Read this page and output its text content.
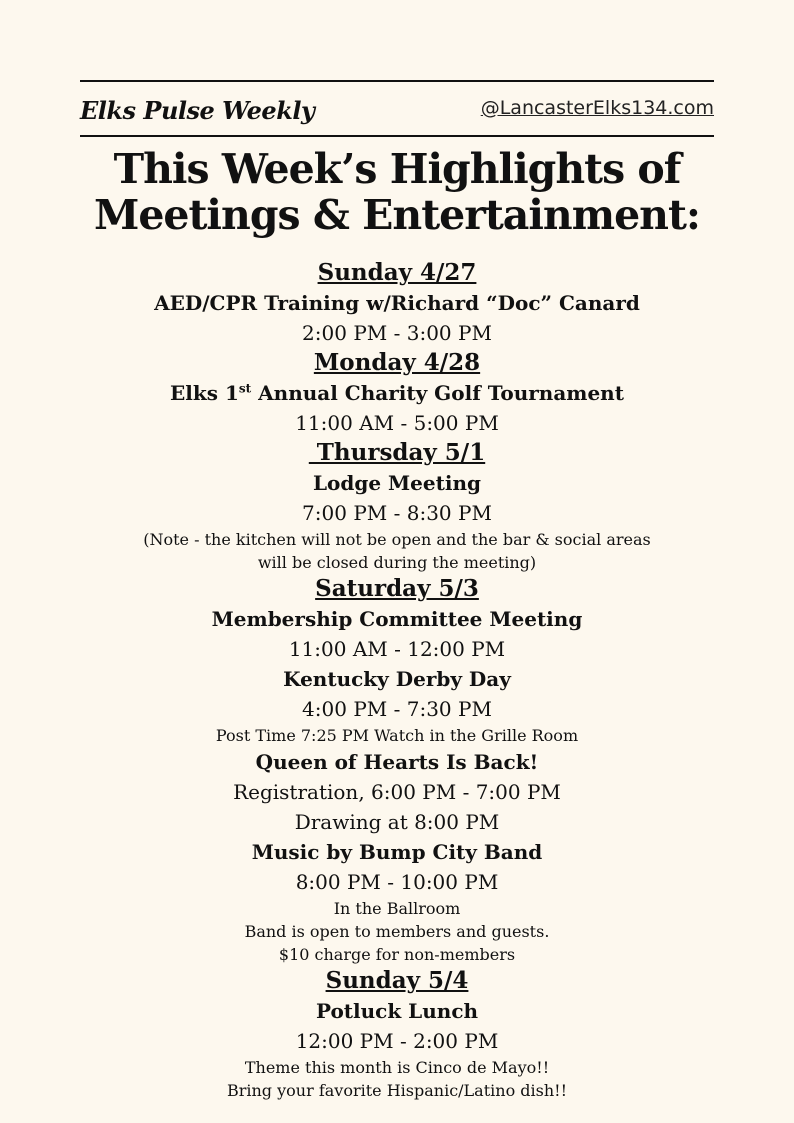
Elks Pulse Weekly	@LancasterElks134.com
This Week’s Highlights of
Meetings & Entertainment:
Sunday 4/27
AED/CPR Training w/Richard “Doc” Canard
2:00 PM - 3:00 PM
Monday 4/28
Elks 1st Annual Charity Golf Tournament
11:00 AM - 5:00 PM
Thursday 5/1
Lodge Meeting
7:00 PM - 8:30 PM
(Note - the kitchen will not be open and the bar & social areas
will be closed during the meeting)
Saturday 5/3
Membership Committee Meeting
11:00 AM - 12:00 PM
Kentucky Derby Day
4:00 PM - 7:30 PM
Post Time 7:25 PM Watch in the Grille Room
Queen of Hearts Is Back!
Registration, 6:00 PM - 7:00 PM
Drawing at 8:00 PM
Music by Bump City Band
8:00 PM - 10:00 PM
In the Ballroom
Band is open to members and guests.
$10 charge for non-members
Sunday 5/4
Potluck Lunch
12:00 PM - 2:00 PM
Theme this month is Cinco de Mayo!!
Bring your favorite Hispanic/Latino dish!!
